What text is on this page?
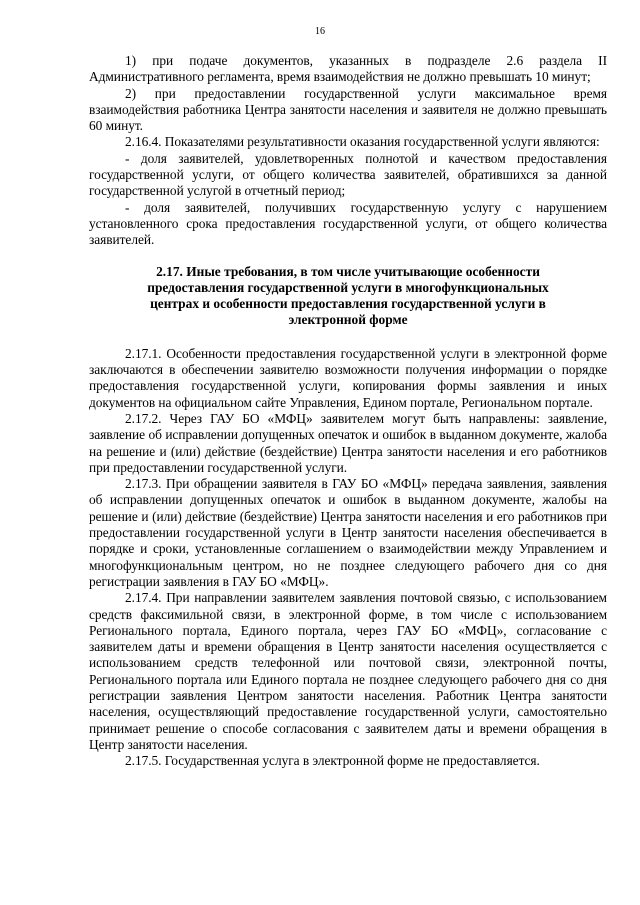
16

1) при подаче документов, указанных в подразделе 2.6 раздела II Административного регламента, время взаимодействия не должно превышать 10 минут;

2) при предоставлении государственной услуги максимальное время взаимодействия работника Центра занятости населения и заявителя не должно превышать 60 минут.

2.16.4. Показателями результативности оказания государственной услуги являются:

- доля заявителей, удовлетворенных полнотой и качеством предоставления государственной услуги, от общего количества заявителей, обратившихся за данной государственной услугой в отчетный период;

- доля заявителей, получивших государственную услугу с нарушением установленного срока предоставления государственной услуги, от общего количества заявителей.

2.17. Иные требования, в том числе учитывающие особенности предоставления государственной услуги в многофункциональных центрах и особенности предоставления государственной услуги в электронной форме

2.17.1. Особенности предоставления государственной услуги в электронной форме заключаются в обеспечении заявителю возможности получения информации о порядке предоставления государственной услуги, копирования формы заявления и иных документов на официальном сайте Управления, Едином портале, Региональном портале.

2.17.2. Через ГАУ БО «МФЦ» заявителем могут быть направлены: заявление, заявление об исправлении допущенных опечаток и ошибок в выданном документе, жалоба на решение и (или) действие (бездействие) Центра занятости населения и его работников при предоставлении государственной услуги.

2.17.3. При обращении заявителя в ГАУ БО «МФЦ» передача заявления, заявления об исправлении допущенных опечаток и ошибок в выданном документе, жалобы на решение и (или) действие (бездействие) Центра занятости населения и его работников при предоставлении государственной услуги в Центр занятости населения обеспечивается в порядке и сроки, установленные соглашением о взаимодействии между Управлением и многофункциональным центром, но не позднее следующего рабочего дня со дня регистрации заявления в ГАУ БО «МФЦ».

2.17.4. При направлении заявителем заявления почтовой связью, с использованием средств факсимильной связи, в электронной форме, в том числе с использованием Регионального портала, Единого портала, через ГАУ БО «МФЦ», согласование с заявителем даты и времени обращения в Центр занятости населения осуществляется с использованием средств телефонной или почтовой связи, электронной почты, Регионального портала или Единого портала не позднее следующего рабочего дня со дня регистрации заявления Центром занятости населения. Работник Центра занятости населения, осуществляющий предоставление государственной услуги, самостоятельно принимает решение о способе согласования с заявителем даты и времени обращения в Центр занятости населения.

2.17.5. Государственная услуга в электронной форме не предоставляется.
